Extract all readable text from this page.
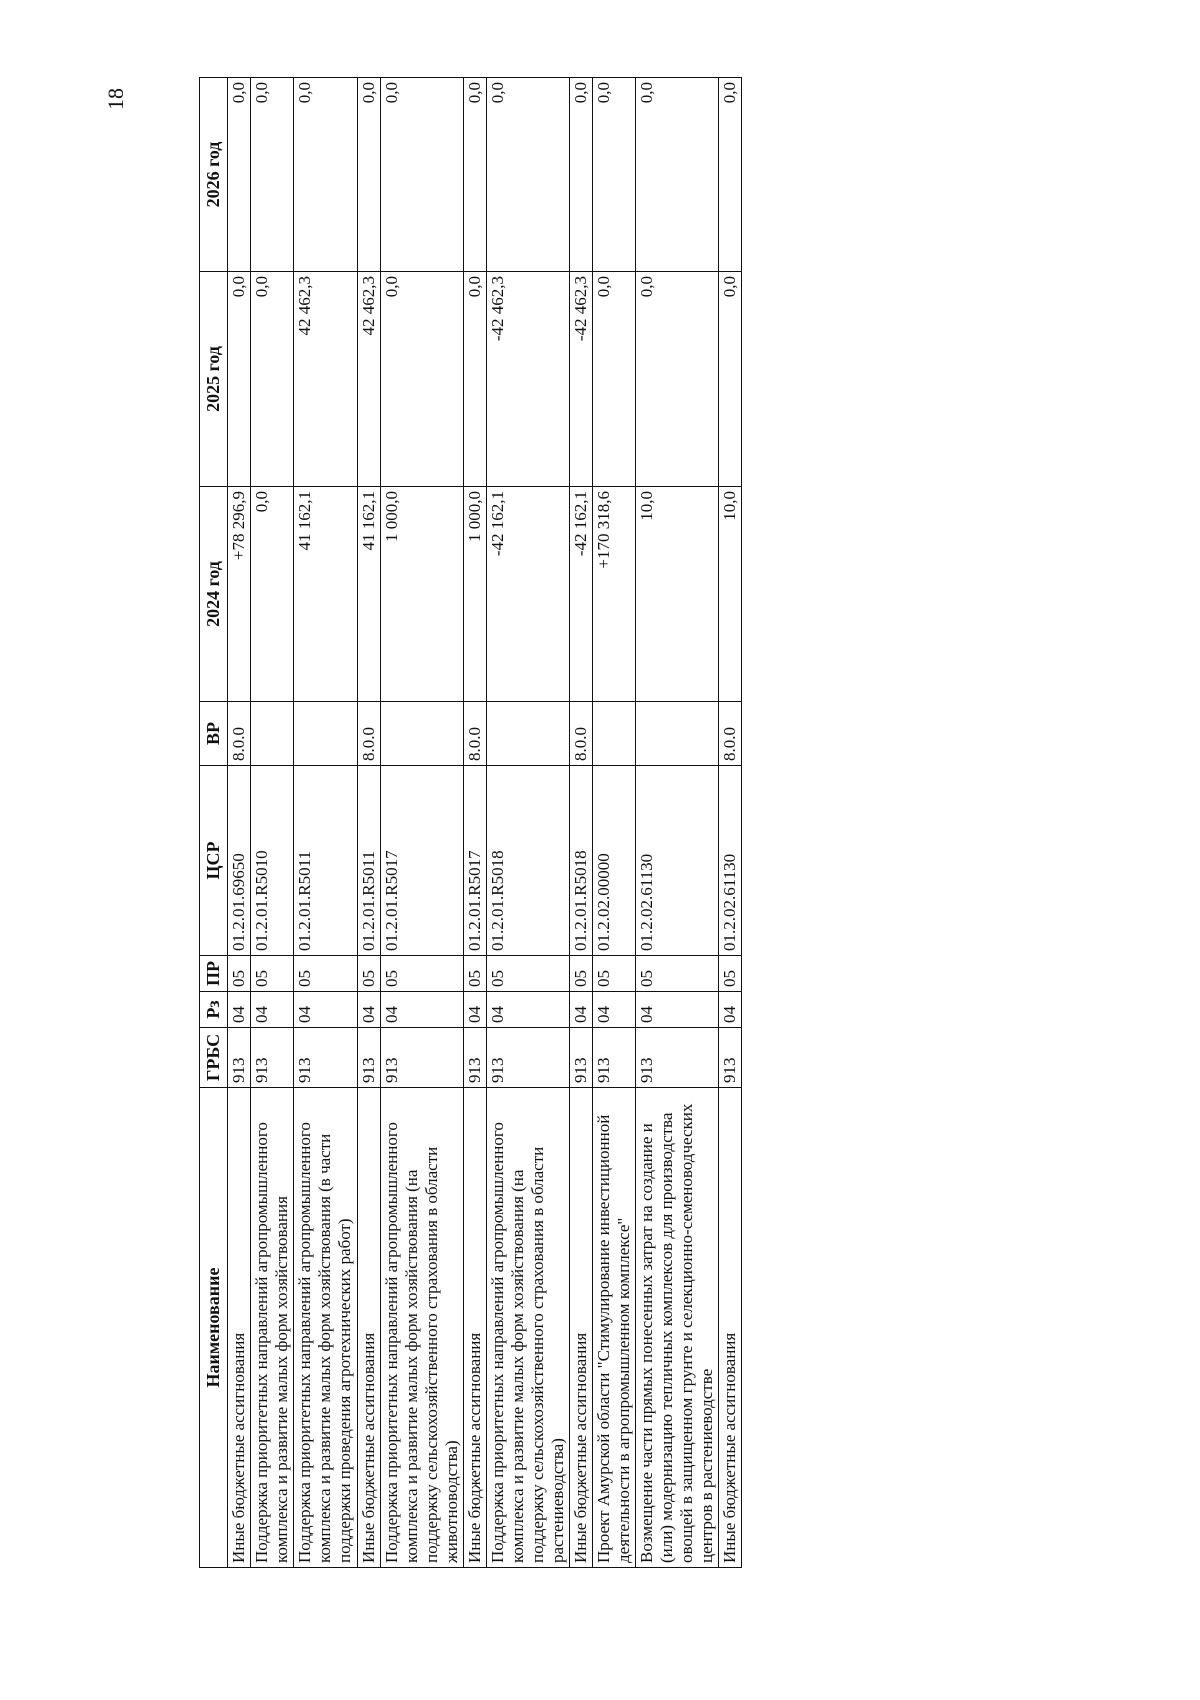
18
Наименование	ГРБС	Рз	ПР	ЦСР	ВР	2024 год	2025 год	2026 год
Иные бюджетные ассигнования	913	04	05	01.2.01.69650	8.0.0	+78 296,9	0,0	0,0
Поддержка приоритетных направлений агропромышленного комплекса и развитие малых форм хозяйствования	913	04	05	01.2.01.R5010		0,0	0,0	0,0
Поддержка приоритетных направлений агропромышленного комплекса и развитие малых форм хозяйствования (в части поддержки проведения агротехнических работ)	913	04	05	01.2.01.R5011		41 162,1	42 462,3	0,0
Иные бюджетные ассигнования	913	04	05	01.2.01.R5011	8.0.0	41 162,1	42 462,3	0,0
Поддержка приоритетных направлений агропромышленного комплекса и развитие малых форм хозяйствования (на поддержку сельскохозяйственного страхования в области животноводства)	913	04	05	01.2.01.R5017		1 000,0	0,0	0,0
Иные бюджетные ассигнования	913	04	05	01.2.01.R5017	8.0.0	1 000,0	0,0	0,0
Поддержка приоритетных направлений агропромышленного комплекса и развитие малых форм хозяйствования (на поддержку сельскохозяйственного страхования в области растениеводства)	913	04	05	01.2.01.R5018		-42 162,1	-42 462,3	0,0
Иные бюджетные ассигнования	913	04	05	01.2.01.R5018	8.0.0	-42 162,1	-42 462,3	0,0
Проект Амурской области "Стимулирование инвестиционной деятельности в агропромышленном комплексе"	913	04	05	01.2.02.00000		+170 318,6	0,0	0,0
Возмещение части прямых понесенных затрат на создание и (или) модернизацию тепличных комплексов для производства овощей в защищенном грунте и селекционно-семеноводческих центров в растениеводстве	913	04	05	01.2.02.61130		10,0	0,0	0,0
Иные бюджетные ассигнования	913	04	05	01.2.02.61130	8.0.0	10,0	0,0	0,0
